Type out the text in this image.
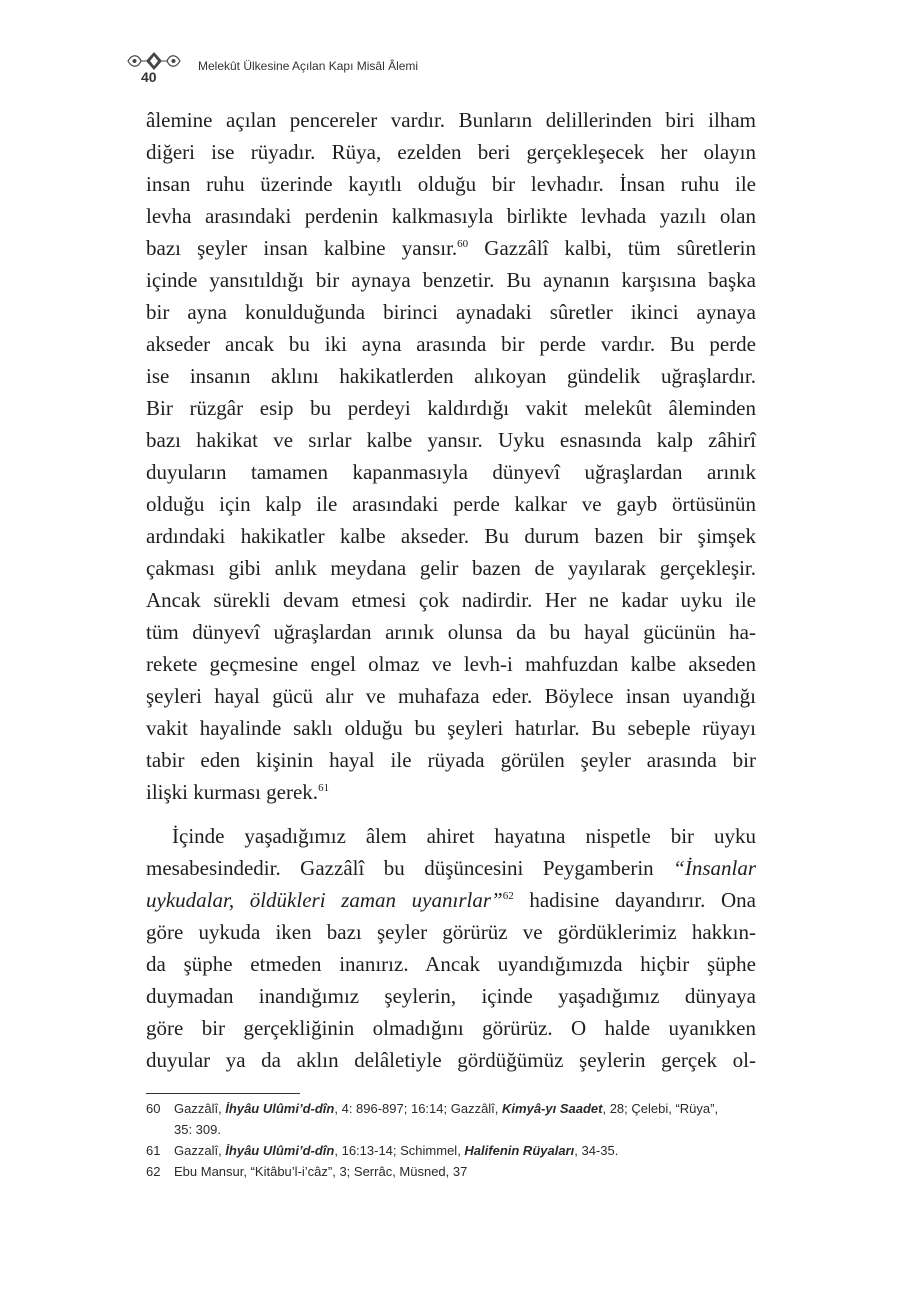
40
Melekût Ülkesine Açılan Kapı Misâl Âlemi
âlemine açılan pencereler vardır. Bunların delillerinden biri ilham
diğeri ise rüyadır. Rüya, ezelden beri gerçekleşecek her olayın
insan ruhu üzerinde kayıtlı olduğu bir levhadır. İnsan ruhu ile
levha arasındaki perdenin kalkmasıyla birlikte levhada yazılı olan
bazı şeyler insan kalbine yansır.$^{60}$ Gazzâlî kalbi, tüm sûretlerin
içinde yansıtıldığı bir aynaya benzetir. Bu aynanın karşısına başka
bir ayna konulduğunda birinci aynadaki sûretler ikinci aynaya
akseder ancak bu iki ayna arasında bir perde vardır. Bu perde
ise insanın aklını hakikatlerden alıkoyan gündelik uğraşlardır.
Bir rüzgâr esip bu perdeyi kaldırdığı vakit melekût âleminden
bazı hakikat ve sırlar kalbe yansır. Uyku esnasında kalp zâhirî
duyuların tamamen kapanmasıyla dünyevî uğraşlardan arınık
olduğu için kalp ile arasındaki perde kalkar ve gayb örtüsünün
ardındaki hakikatler kalbe akseder. Bu durum bazen bir şimşek
çakması gibi anlık meydana gelir bazen de yayılarak gerçekleşir.
Ancak sürekli devam etmesi çok nadirdir. Her ne kadar uyku ile
tüm dünyevî uğraşlardan arınık olunsa da bu hayal gücünün ha-
rekete geçmesine engel olmaz ve levh-i mahfuzdan kalbe akseden
şeyleri hayal gücü alır ve muhafaza eder. Böylece insan uyandığı
vakit hayalinde saklı olduğu bu şeyleri hatırlar. Bu sebeple rüyayı
tabir eden kişinin hayal ile rüyada görülen şeyler arasında bir
ilişki kurması gerek.$^{61}$
İçinde yaşadığımız âlem ahiret hayatına nispetle bir uyku
mesabesindedir. Gazzâlî bu düşüncesini Peygamberin “İnsanlar
uykudalar, öldükleri zaman uyanırlar”$^{62}$ hadisine dayandırır. Ona
göre uykuda iken bazı şeyler görürüz ve gördüklerimiz hakkın-
da şüphe etmeden inanırız. Ancak uyandığımızda hiçbir şüphe
duymadan inandığımız şeylerin, içinde yaşadığımız dünyaya
göre bir gerçekliğinin olmadığını görürüz. O halde uyanıkken
duyular ya da aklın delâletiyle gördüğümüz şeylerin gerçek ol-
60	Gazzâlî, İhyâu Ulûmi’d-dîn, 4: 896-897; 16:14; Gazzâlî, Kimyâ-yı Saadet, 28; Çelebi, “Rüya”,
35: 309.
61	Gazzalî, İhyâu Ulûmi’d-dîn, 16:13-14; Schimmel, Halifenin Rüyaları, 34-35.
62	Ebu Mansur, “Kitâbu’l-i’câz”, 3; Serrâc, Müsned, 37
